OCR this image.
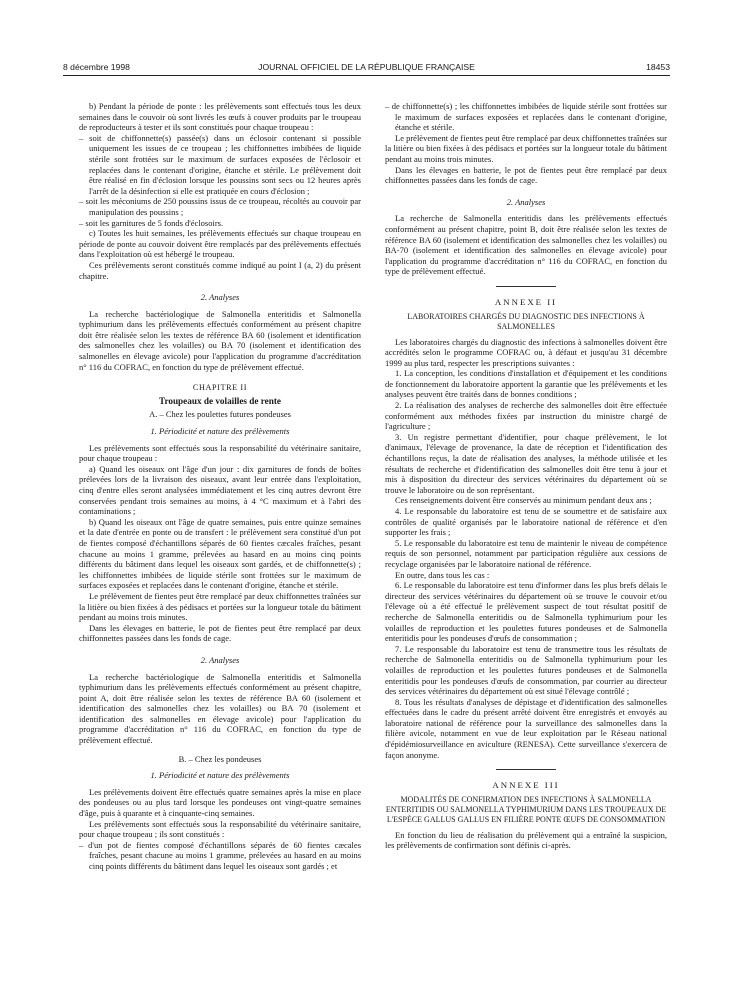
8 décembre 1998	JOURNAL OFFICIEL DE LA RÉPUBLIQUE FRANÇAISE	18453

b) Pendant la période de ponte : les prélèvements sont effectués tous les deux semaines dans le couvoir où sont livrés les œufs à couver produits par le troupeau de reproducteurs à tester et ils sont constitués pour chaque troupeau :

– soit de chiffonnette(s) passée(s) dans un éclosoir contenant si possible uniquement les issues de ce troupeau ; les chiffonnettes imbibées de liquide stérile sont frottées sur le maximum de surfaces exposées de l'éclosoir et replacées dans le contenant d'origine, étanche et stérile. Le prélèvement doit être réalisé en fin d'éclosion lorsque les poussins sont secs ou 12 heures après l'arrêt de la désinfection si elle est pratiquée en cours d'éclosion ;

– soit les méconiums de 250 poussins issus de ce troupeau, récoltés au couvoir par manipulation des poussins ;

– soit les garnitures de 5 fonds d'éclosoirs.

c) Toutes les huit semaines, les prélèvements effectués sur chaque troupeau en période de ponte au couvoir doivent être remplacés par des prélèvements effectués dans l'exploitation où est hébergé le troupeau.

Ces prélèvements seront constitués comme indiqué au point I (a, 2) du présent chapitre.

2. Analyses

La recherche bactériologique de Salmonella enteritidis et Salmonella typhimurium dans les prélèvements effectués conformément au présent chapitre doit être réalisée selon les textes de référence BA 60 (isolement et identification des salmonelles chez les volailles) ou BA 70 (isolement et identification des salmonelles en élevage avicole) pour l'application du programme d'accréditation n° 116 du COFRAC, en fonction du type de prélèvement effectué.

CHAPITRE II

Troupeaux de volailles de rente

A. – Chez les poulettes futures pondeuses

1. Périodicité et nature des prélèvements

Les prélèvements sont effectués sous la responsabilité du vétérinaire sanitaire, pour chaque troupeau :

a) Quand les oiseaux ont l'âge d'un jour : dix garnitures de fonds de boîtes prélevées lors de la livraison des oiseaux, avant leur entrée dans l'exploitation, cinq d'entre elles seront analysées immédiatement et les cinq autres devront être conservées pendant trois semaines au moins, à 4 °C maximum et à l'abri des contaminations ;

b) Quand les oiseaux ont l'âge de quatre semaines, puis entre quinze semaines et la date d'entrée en ponte ou de transfert : le prélèvement sera constitué d'un pot de fientes composé d'échantillons séparés de 60 fientes cæcales fraîches, pesant chacune au moins 1 gramme, prélevées au hasard en au moins cinq points différents du bâtiment dans lequel les oiseaux sont gardés, et de chiffonnette(s) ; les chiffonnettes imbibées de liquide stérile sont frottées sur le maximum de surfaces exposées et replacées dans le contenant d'origine, étanche et stérile.

Le prélèvement de fientes peut être remplacé par deux chiffonnettes traînées sur la litière ou bien fixées à des pédisacs et portées sur la longueur totale du bâtiment pendant au moins trois minutes.

Dans les élevages en batterie, le pot de fientes peut être remplacé par deux chiffonnettes passées dans les fonds de cage.

2. Analyses

La recherche bactériologique de Salmonella enteritidis et Salmonella typhimurium dans les prélèvements effectués conformément au présent chapitre, point A, doit être réalisée selon les textes de référence BA 60 (isolement et identification des salmonelles chez les volailles) ou BA 70 (isolement et identification des salmonelles en élevage avicole) pour l'application du programme d'accréditation n° 116 du COFRAC, en fonction du type de prélèvement effectué.

B. – Chez les pondeuses

1. Périodicité et nature des prélèvements

Les prélèvements doivent être effectués quatre semaines après la mise en place des pondeuses ou au plus tard lorsque les pondeuses ont vingt-quatre semaines d'âge, puis à quarante et à cinquante-cinq semaines.

Les prélèvements sont effectués sous la responsabilité du vétérinaire sanitaire, pour chaque troupeau ; ils sont constitués :

– d'un pot de fientes composé d'échantillons séparés de 60 fientes cæcales fraîches, pesant chacune au moins 1 gramme, prélevées au hasard en au moins cinq points différents du bâtiment dans lequel les oiseaux sont gardés ; et

– de chiffonnette(s) ; les chiffonnettes imbibées de liquide stérile sont frottées sur le maximum de surfaces exposées et replacées dans le contenant d'origine, étanche et stérile.

Le prélèvement de fientes peut être remplacé par deux chiffonnettes traînées sur la litière ou bien fixées à des pédisacs et portées sur la longueur totale du bâtiment pendant au moins trois minutes.

Dans les élevages en batterie, le pot de fientes peut être remplacé par deux chiffonnettes passées dans les fonds de cage.

2. Analyses

La recherche de Salmonella enteritidis dans les prélèvements effectués conformément au présent chapitre, point B, doit être réalisée selon les textes de référence BA 60 (isolement et identification des salmonelles chez les volailles) ou BA-70 (isolement et identification des salmonelles en élevage avicole) pour l'application du programme d'accréditation n° 116 du COFRAC, en fonction du type de prélèvement effectué.

ANNEXE II

LABORATOIRES CHARGÉS DU DIAGNOSTIC DES INFECTIONS À SALMONELLES

Les laboratoires chargés du diagnostic des infections à salmonelles doivent être accrédités selon le programme COFRAC ou, à défaut et jusqu'au 31 décembre 1999 au plus tard, respecter les prescriptions suivantes :

1. La conception, les conditions d'installation et d'équipement et les conditions de fonctionnement du laboratoire apportent la garantie que les prélèvements et les analyses peuvent être traités dans de bonnes conditions ;

2. La réalisation des analyses de recherche des salmonelles doit être effectuée conformément aux méthodes fixées par instruction du ministre chargé de l'agriculture ;

3. Un registre permettant d'identifier, pour chaque prélèvement, le lot d'animaux, l'élevage de provenance, la date de réception et l'identification des échantillons reçus, la date de réalisation des analyses, la méthode utilisée et les résultats de recherche et d'identification des salmonelles doit être tenu à jour et mis à disposition du directeur des services vétérinaires du département où se trouve le laboratoire ou de son représentant.

Ces renseignements doivent être conservés au minimum pendant deux ans ;

4. Le responsable du laboratoire est tenu de se soumettre et de satisfaire aux contrôles de qualité organisés par le laboratoire national de référence et d'en supporter les frais ;

5. Le responsable du laboratoire est tenu de maintenir le niveau de compétence requis de son personnel, notamment par participation régulière aux cessions de recyclage organisées par le laboratoire national de référence.

En outre, dans tous les cas :

6. Le responsable du laboratoire est tenu d'informer dans les plus brefs délais le directeur des services vétérinaires du département où se trouve le couvoir et/ou l'élevage où a été effectué le prélèvement suspect de tout résultat positif de recherche de Salmonella enteritidis ou de Salmonella typhimurium pour les volailles de reproduction et les poulettes futures pondeuses et de Salmonella enteritidis pour les pondeuses d'œufs de consommation ;

7. Le responsable du laboratoire est tenu de transmettre tous les résultats de recherche de Salmonella enteritidis ou de Salmonella typhimurium pour les volailles de reproduction et les poulettes futures pondeuses et de Salmonella enteritidis pour les pondeuses d'œufs de consommation, par courrier au directeur des services vétérinaires du département où est situé l'élevage contrôlé ;

8. Tous les résultats d'analyses de dépistage et d'identification des salmonelles effectuées dans le cadre du présent arrêté doivent être enregistrés et envoyés au laboratoire national de référence pour la surveillance des salmonelles dans la filière avicole, notamment en vue de leur exploitation par le Réseau national d'épidémiosurveillance en aviculture (RENESA). Cette surveillance s'exercera de façon anonyme.

ANNEXE III

MODALITÉS DE CONFIRMATION DES INFECTIONS À SALMONELLA ENTERITIDIS OU SALMONELLA TYPHIMURIUM DANS LES TROUPEAUX DE L'ESPÈCE GALLUS GALLUS EN FILIÈRE PONTE ŒUFS DE CONSOMMATION

En fonction du lieu de réalisation du prélèvement qui a entraîné la suspicion, les prélèvements de confirmation sont définis ci-après.
